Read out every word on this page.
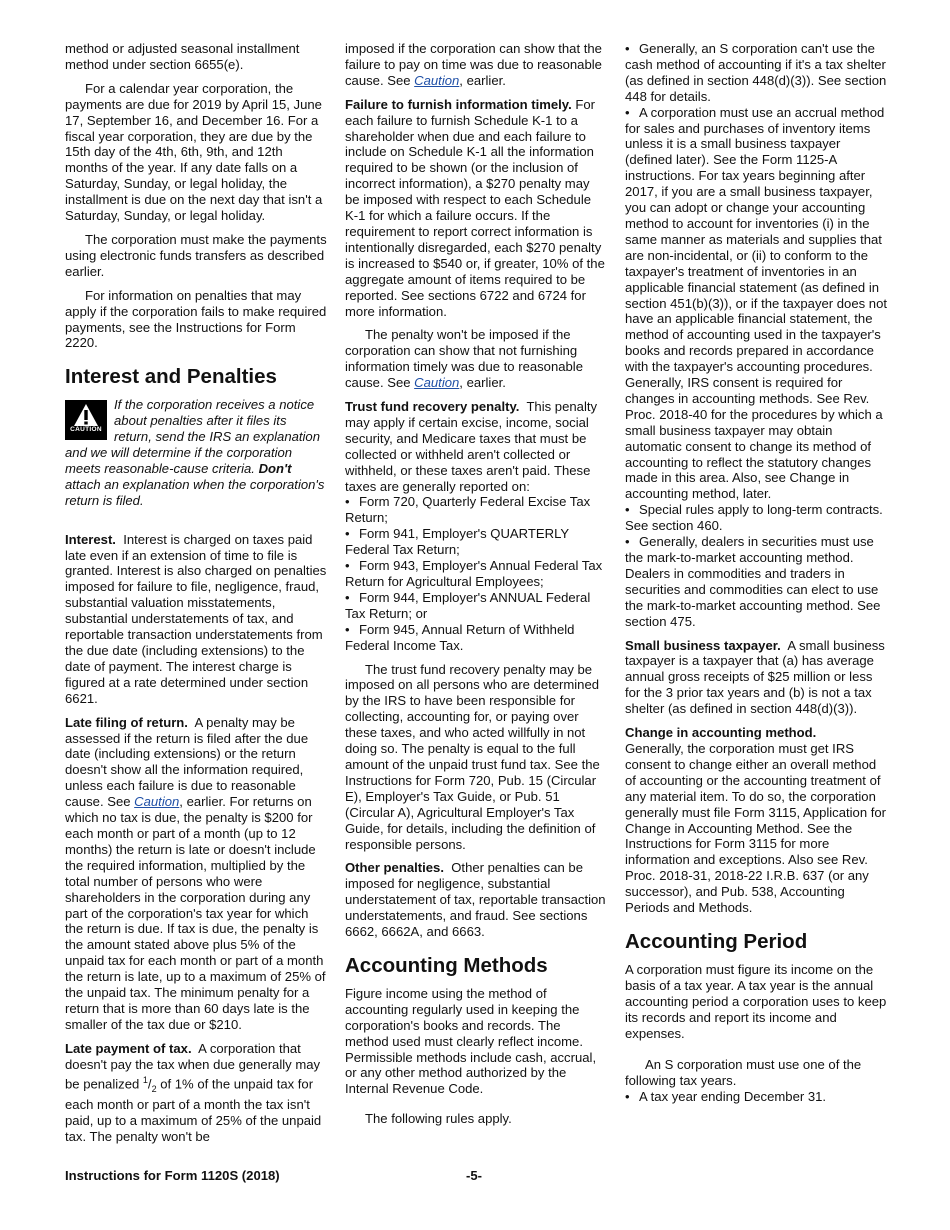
method or adjusted seasonal installment method under section 6655(e).

For a calendar year corporation, the payments are due for 2019 by April 15, June 17, September 16, and December 16. For a fiscal year corporation, they are due by the 15th day of the 4th, 6th, 9th, and 12th months of the year. If any date falls on a Saturday, Sunday, or legal holiday, the installment is due on the next day that isn't a Saturday, Sunday, or legal holiday.

The corporation must make the payments using electronic funds transfers as described earlier.

For information on penalties that may apply if the corporation fails to make required payments, see the Instructions for Form 2220.

Interest and Penalties
CAUTION
If the corporation receives a notice about penalties after it files its return, send the IRS an explanation and we will determine if the corporation meets reasonable-cause criteria. Don't attach an explanation when the corporation's return is filed.

Interest. Interest is charged on taxes paid late even if an extension of time to file is granted. Interest is also charged on penalties imposed for failure to file, negligence, fraud, substantial valuation misstatements, substantial understatements of tax, and reportable transaction understatements from the due date (including extensions) to the date of payment. The interest charge is figured at a rate determined under section 6621.

Late filing of return. A penalty may be assessed if the return is filed after the due date (including extensions) or the return doesn't show all the information required, unless each failure is due to reasonable cause. See Caution, earlier. For returns on which no tax is due, the penalty is $200 for each month or part of a month (up to 12 months) the return is late or doesn't include the required information, multiplied by the total number of persons who were shareholders in the corporation during any part of the corporation's tax year for which the return is due. If tax is due, the penalty is the amount stated above plus 5% of the unpaid tax for each month or part of a month the return is late, up to a maximum of 25% of the unpaid tax. The minimum penalty for a return that is more than 60 days late is the smaller of the tax due or $210.

Late payment of tax. A corporation that doesn't pay the tax when due generally may be penalized $^1/_2$ of 1% of the unpaid tax for each month or part of a month the tax isn't paid, up to a maximum of 25% of the unpaid tax. The penalty won't be

imposed if the corporation can show that the failure to pay on time was due to reasonable cause. See Caution, earlier.

Failure to furnish information timely. For each failure to furnish Schedule K-1 to a shareholder when due and each failure to include on Schedule K-1 all the information required to be shown (or the inclusion of incorrect information), a $270 penalty may be imposed with respect to each Schedule K-1 for which a failure occurs. If the requirement to report correct information is intentionally disregarded, each $270 penalty is increased to $540 or, if greater, 10% of the aggregate amount of items required to be reported. See sections 6722 and 6724 for more information.

The penalty won't be imposed if the corporation can show that not furnishing information timely was due to reasonable cause. See Caution, earlier.

Trust fund recovery penalty. This penalty may apply if certain excise, income, social security, and Medicare taxes that must be collected or withheld aren't collected or withheld, or these taxes aren't paid. These taxes are generally reported on:

• Form 720, Quarterly Federal Excise Tax Return;
• Form 941, Employer's QUARTERLY Federal Tax Return;
• Form 943, Employer's Annual Federal Tax Return for Agricultural Employees;
• Form 944, Employer's ANNUAL Federal Tax Return; or
• Form 945, Annual Return of Withheld Federal Income Tax.

The trust fund recovery penalty may be imposed on all persons who are determined by the IRS to have been responsible for collecting, accounting for, or paying over these taxes, and who acted willfully in not doing so. The penalty is equal to the full amount of the unpaid trust fund tax. See the Instructions for Form 720, Pub. 15 (Circular E), Employer's Tax Guide, or Pub. 51 (Circular A), Agricultural Employer's Tax Guide, for details, including the definition of responsible persons.

Other penalties. Other penalties can be imposed for negligence, substantial understatement of tax, reportable transaction understatements, and fraud. See sections 6662, 6662A, and 6663.

Accounting Methods

Figure income using the method of accounting regularly used in keeping the corporation's books and records. The method used must clearly reflect income. Permissible methods include cash, accrual, or any other method authorized by the Internal Revenue Code.

The following rules apply.

• Generally, an S corporation can't use the cash method of accounting if it's a tax shelter (as defined in section 448(d)(3)). See section 448 for details.
• A corporation must use an accrual method for sales and purchases of inventory items unless it is a small business taxpayer (defined later). See the Form 1125-A instructions. For tax years beginning after 2017, if you are a small business taxpayer, you can adopt or change your accounting method to account for inventories (i) in the same manner as materials and supplies that are non-incidental, or (ii) to conform to the taxpayer's treatment of inventories in an applicable financial statement (as defined in section 451(b)(3)), or if the taxpayer does not have an applicable financial statement, the method of accounting used in the taxpayer's books and records prepared in accordance with the taxpayer's accounting procedures. Generally, IRS consent is required for changes in accounting methods. See Rev. Proc. 2018-40 for the procedures by which a small business taxpayer may obtain automatic consent to change its method of accounting to reflect the statutory changes made in this area. Also, see Change in accounting method, later.
• Special rules apply to long-term contracts. See section 460.
• Generally, dealers in securities must use the mark-to-market accounting method. Dealers in commodities and traders in securities and commodities can elect to use the mark-to-market accounting method. See section 475.

Small business taxpayer. A small business taxpayer is a taxpayer that (a) has average annual gross receipts of $25 million or less for the 3 prior tax years and (b) is not a tax shelter (as defined in section 448(d)(3)).

Change in accounting method.
Generally, the corporation must get IRS consent to change either an overall method of accounting or the accounting treatment of any material item. To do so, the corporation generally must file Form 3115, Application for Change in Accounting Method. See the Instructions for Form 3115 for more information and exceptions. Also see Rev. Proc. 2018-31, 2018-22 I.R.B. 637 (or any successor), and Pub. 538, Accounting Periods and Methods.

Accounting Period

A corporation must figure its income on the basis of a tax year. A tax year is the annual accounting period a corporation uses to keep its records and report its income and expenses.

An S corporation must use one of the following tax years.

• A tax year ending December 31.
Instructions for Form 1120S (2018)	-5-
